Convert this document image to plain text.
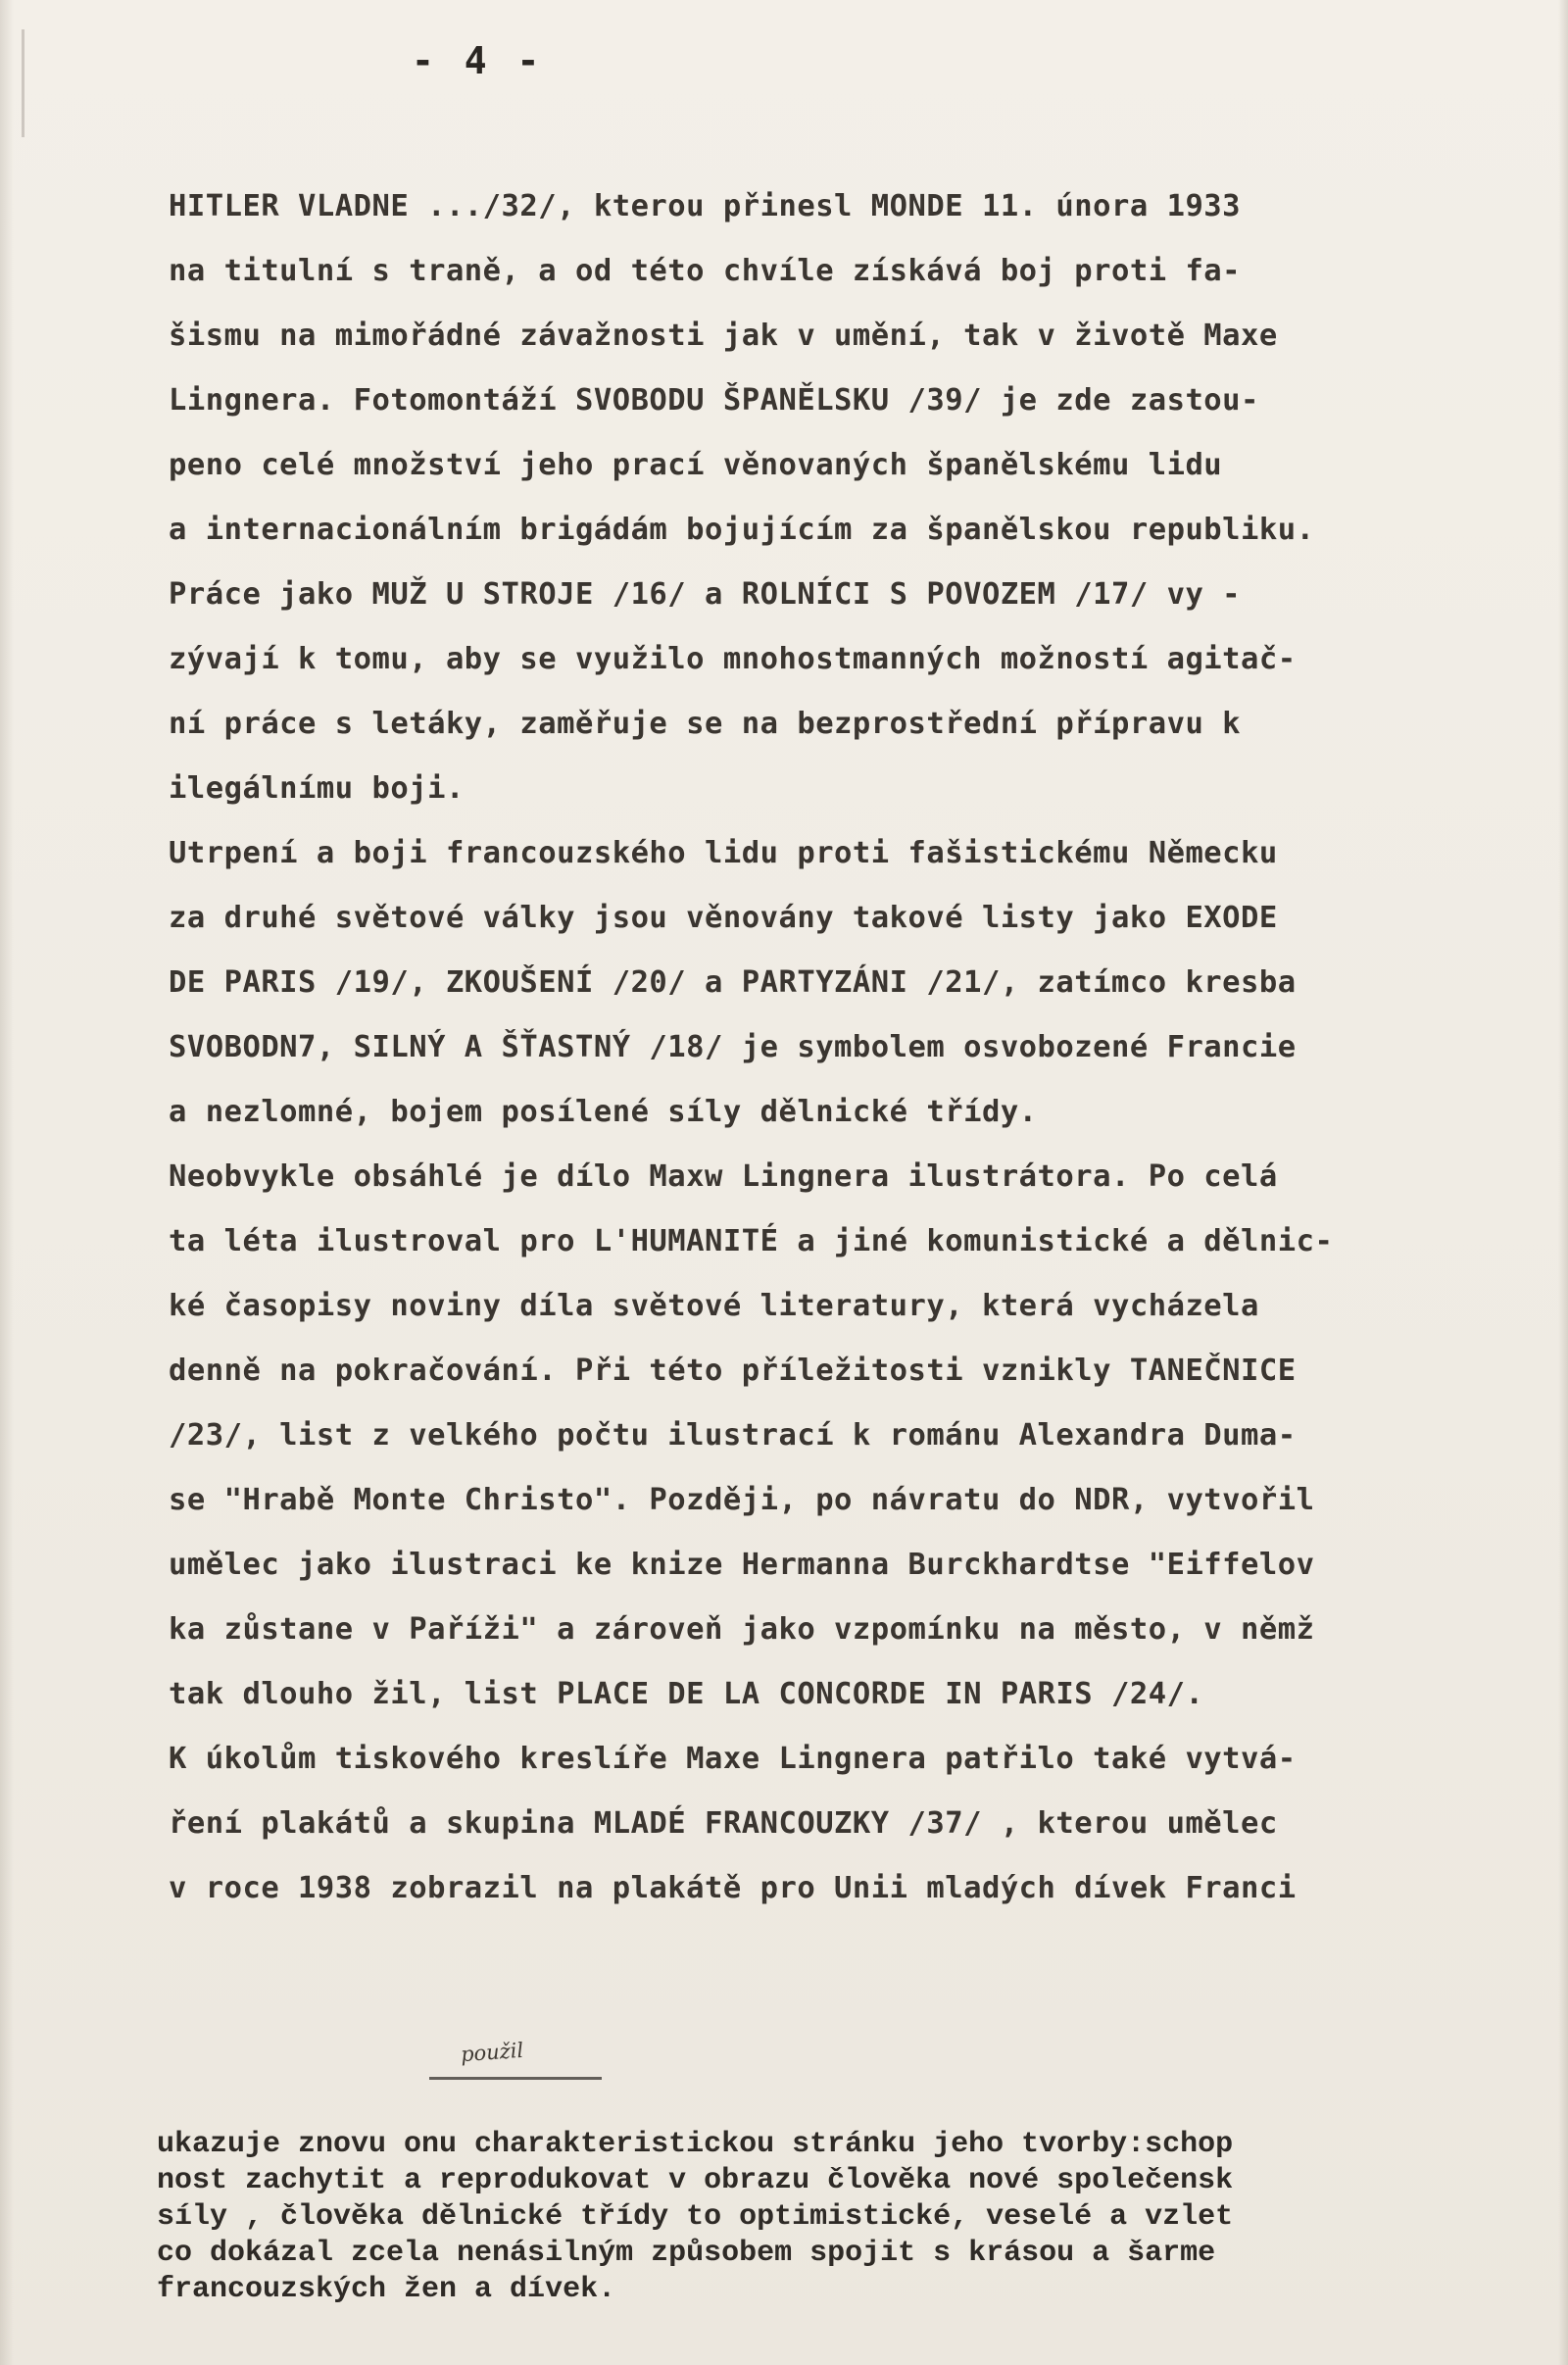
- 4 -
HITLER VLADNE .../32/, kterou přinesl MONDE 11. února 1933
na titulní s traně, a od této chvíle získává boj proti fa-
šismu na mimořádné závažnosti jak v umění, tak v životě Maxe
Lingnera. Fotomontáží SVOBODU ŠPANĚLSKU /39/ je zde zastou-
peno celé množství jeho prací věnovaných španělskému lidu
a internacionálním brigádám bojujícím za španělskou republiku.
Práce jako MUŽ U STROJE /16/ a ROLNÍCI S POVOZEM /17/ vy -
zývají k tomu, aby se využilo mnohostmanných možností agitač-
ní práce s letáky, zaměřuje se na bezprostřední přípravu k
ilegálnímu boji.
Utrpení a boji francouzského lidu proti fašistickému Německu
za druhé světové války jsou věnovány takové listy jako EXODE
DE PARIS /19/, ZKOUŠENÍ /20/ a PARTYZÁNI /21/, zatímco kresba
SVOBODN7, SILNÝ A ŠŤASTNÝ /18/ je symbolem osvobozené Francie
a nezlomné, bojem posílené síly dělnické třídy.
Neobvykle obsáhlé je dílo Maxw Lingnera ilustrátora. Po celá
ta léta ilustroval pro L'HUMANITÉ a jiné komunistické a dělnic-
ké časopisy noviny díla světové literatury, která vycházela
denně na pokračování. Při této příležitosti vznikly TANEČNICE
/23/, list z velkého počtu ilustrací k románu Alexandra Duma-
se "Hrabě Monte Christo". Později, po návratu do NDR, vytvořil
umělec jako ilustraci ke knize Hermanna Burckhardtse "Eiffelov
ka zůstane v Paříži" a zároveň jako vzpomínku na město, v němž
tak dlouho žil, list PLACE DE LA CONCORDE IN PARIS /24/.
K úkolům tiskového kreslíře Maxe Lingnera patřilo také vytvá-
ření plakátů a skupina MLADÉ FRANCOUZKY /37/ , kterou umělec
v roce 1938 zobrazil na plakátě pro Unii mladých dívek Franci
použil
ukazuje znovu onu charakteristickou stránku jeho tvorby:schop
nost zachytit a reprodukovat v obrazu člověka nové společensk
síly , člověka dělnické třídy to optimistické, veselé a vzlet
co dokázal zcela nenásilným způsobem spojit s krásou a šarme
francouzských žen a dívek.
